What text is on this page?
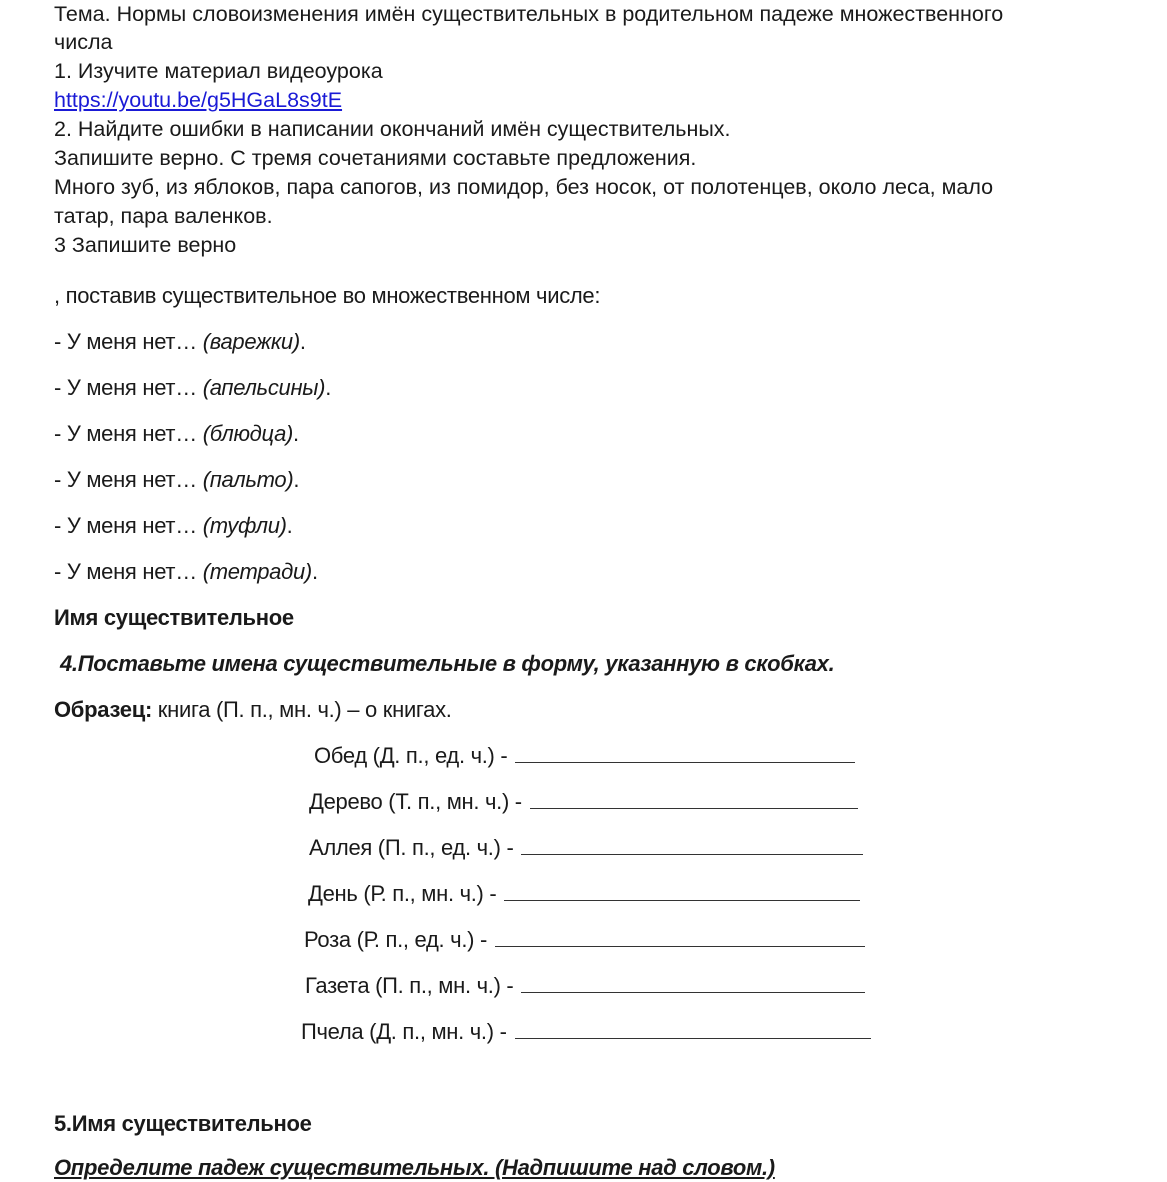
Тема. Нормы словоизменения имён существительных в родительном падеже множественного
числа
1. Изучите материал видеоурока
https://youtu.be/g5HGaL8s9tE
2. Найдите ошибки в написании окончаний имён существительных.
Запишите верно. С тремя сочетаниями составьте предложения.
Много зуб, из яблоков, пара сапогов, из помидор, без носок, от полотенцев, около леса, мало
татар, пара валенков.
3 Запишите верно
, поставив существительное во множественном числе:
- У меня нет… (варежки).
- У меня нет… (апельсины).
- У меня нет… (блюдца).
- У меня нет… (пальто).
- У меня нет… (туфли).
- У меня нет… (тетради).
Имя существительное
4.Поставьте имена существительные в форму, указанную в скобках.
Образец: книга (П. п., мн. ч.) – о книгах.
Обед (Д. п., ед. ч.) -
Дерево (Т. п., мн. ч.) -
Аллея (П. п., ед. ч.) -
День (Р. п., мн. ч.) -
Роза (Р. п., ед. ч.) -
Газета (П. п., мн. ч.) -
Пчела (Д. п., мн. ч.) -
5.Имя существительное
Определите падеж существительных. (Надпишите над словом.)
